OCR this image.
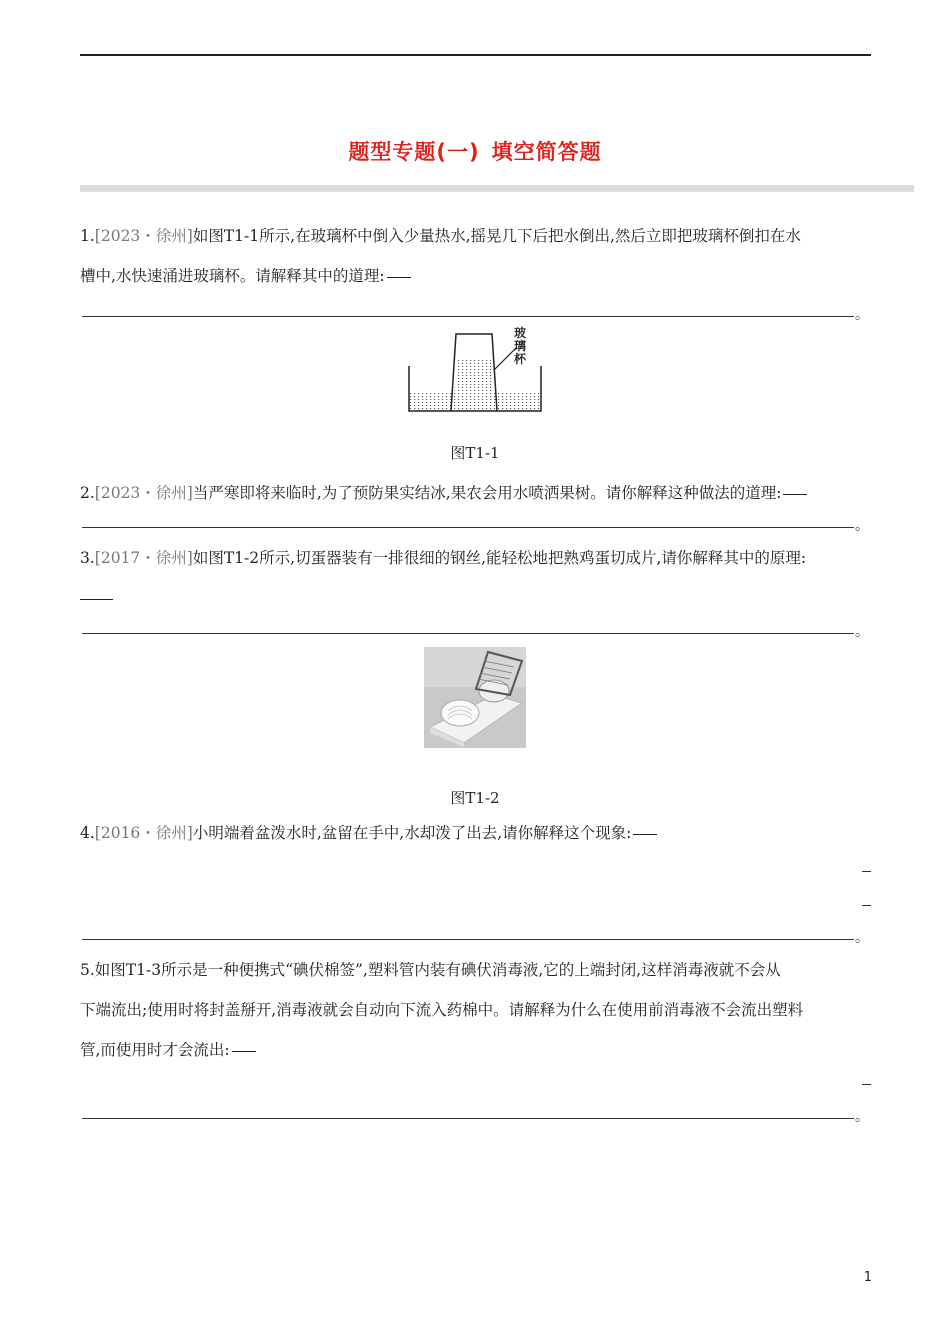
题型专题(一) 填空简答题
1.[2023・徐州]如图T1-1所示,在玻璃杯中倒入少量热水,摇晃几下后把水倒出,然后立即把玻璃杯倒扣在水
槽中,水快速涌进玻璃杯。请解释其中的道理:
。
玻璃杯
图T1-1
2.[2023・徐州]当严寒即将来临时,为了预防果实结冰,果农会用水喷洒果树。请你解释这种做法的道理:
。
3.[2017・徐州]如图T1-2所示,切蛋器装有一排很细的钢丝,能轻松地把熟鸡蛋切成片,请你解释其中的原理:
。
图T1-2
4.[2016・徐州]小明端着盆泼水时,盆留在手中,水却泼了出去,请你解释这个现象:
。
5.如图T1-3所示是一种便携式“碘伏棉签”,塑料管内装有碘伏消毒液,它的上端封闭,这样消毒液就不会从
下端流出;使用时将封盖掰开,消毒液就会自动向下流入药棉中。请解释为什么在使用前消毒液不会流出塑料
管,而使用时才会流出:
。
1
